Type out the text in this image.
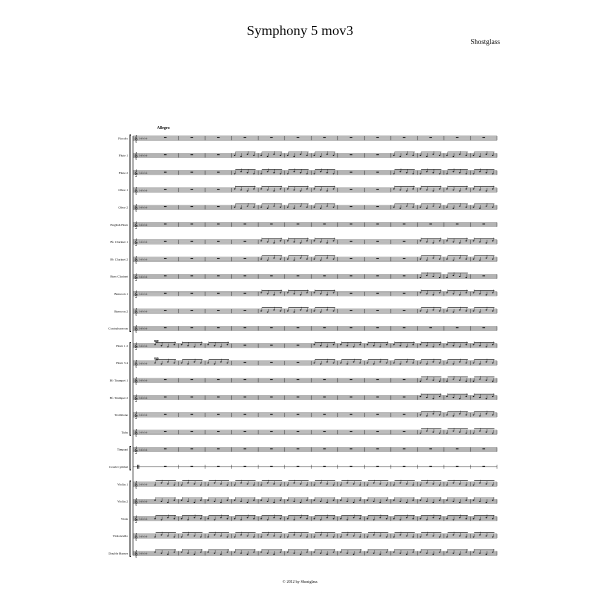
Symphony 5 mov3
Shostglass
Allegro
© 2012 by Shostglass
Piccolo 𝄞 ♭♭♭♭♭
Flute 1 𝄞 ♭♭♭♭♭
Flute 2 𝄞 ♭♭♭♭♭
Oboe 1 𝄞 ♭♭♭♭♭
Oboe 2 𝄞 ♭♭♭♭♭
English Horn 𝄞 ♭♭♭♭♭
B♭ Clarinet 1 𝄞 ♭♭♭♭♭
B♭ Clarinet 2 𝄞 ♭♭♭♭♭
Bass Clarinet 𝄞 ♭♭♭♭♭
Bassoon 1 𝄞 ♭♭♭♭♭
Bassoon 2 𝄞 ♭♭♭♭♭
Contrabassoon 𝄞 ♭♭♭♭♭
Horn 1 2 𝄞 ♭♭♭♭♭
Horn 3 4 𝄞 ♭♭♭♭♭
B♭ Trumpet 1 𝄞 ♭♭♭♭♭
B♭ Trumpet 2 𝄞 ♭♭♭♭♭
Trombone 𝄞 ♭♭♭♭♭
Tuba 𝄞 ♭♭♭♭♭
Timpani 𝄞 ♭♭♭♭♭
Crash Cymbal
Violin 1 𝄞 ♭♭♭♭♭
Violin 2 𝄞 ♭♭♭♭♭
Viola 𝄞 ♭♭♭♭♭
Violoncello 𝄞 ♭♭♭♭♭
Double Basses 𝄞 ♭♭♭♭♭
mp
mp
